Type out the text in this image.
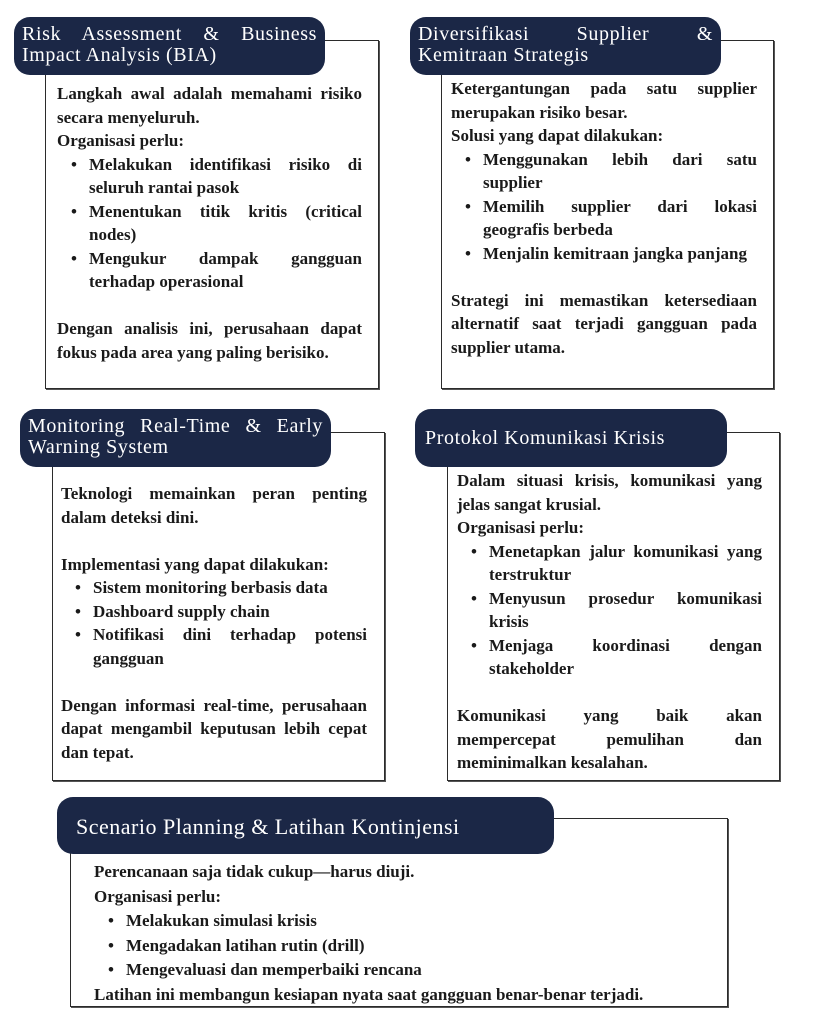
Risk Assessment & Business Impact Analysis (BIA)

Langkah awal adalah memahami risiko secara menyeluruh.

Organisasi perlu:

• Melakukan identifikasi risiko di seluruh rantai pasok
• Menentukan titik kritis (critical nodes)
• Mengukur dampak gangguan terhadap operasional

Dengan analisis ini, perusahaan dapat fokus pada area yang paling berisiko.

Diversifikasi Supplier & Kemitraan Strategis

Ketergantungan pada satu supplier merupakan risiko besar.

Solusi yang dapat dilakukan:

• Menggunakan lebih dari satu supplier
• Memilih supplier dari lokasi geografis berbeda
• Menjalin kemitraan jangka panjang

Strategi ini memastikan ketersediaan alternatif saat terjadi gangguan pada supplier utama.

Monitoring Real-Time & Early Warning System

Teknologi memainkan peran penting dalam deteksi dini.

Implementasi yang dapat dilakukan:

• Sistem monitoring berbasis data
• Dashboard supply chain
• Notifikasi dini terhadap potensi gangguan

Dengan informasi real-time, perusahaan dapat mengambil keputusan lebih cepat dan tepat.

Protokol Komunikasi Krisis

Dalam situasi krisis, komunikasi yang jelas sangat krusial.

Organisasi perlu:

• Menetapkan jalur komunikasi yang terstruktur
• Menyusun prosedur komunikasi krisis
• Menjaga koordinasi dengan stakeholder

Komunikasi yang baik akan mempercepat pemulihan dan meminimalkan kesalahan.

Scenario Planning & Latihan Kontinjensi

Perencanaan saja tidak cukup—harus diuji.

Organisasi perlu:

• Melakukan simulasi krisis
• Mengadakan latihan rutin (drill)
• Mengevaluasi dan memperbaiki rencana

Latihan ini membangun kesiapan nyata saat gangguan benar-benar terjadi.
